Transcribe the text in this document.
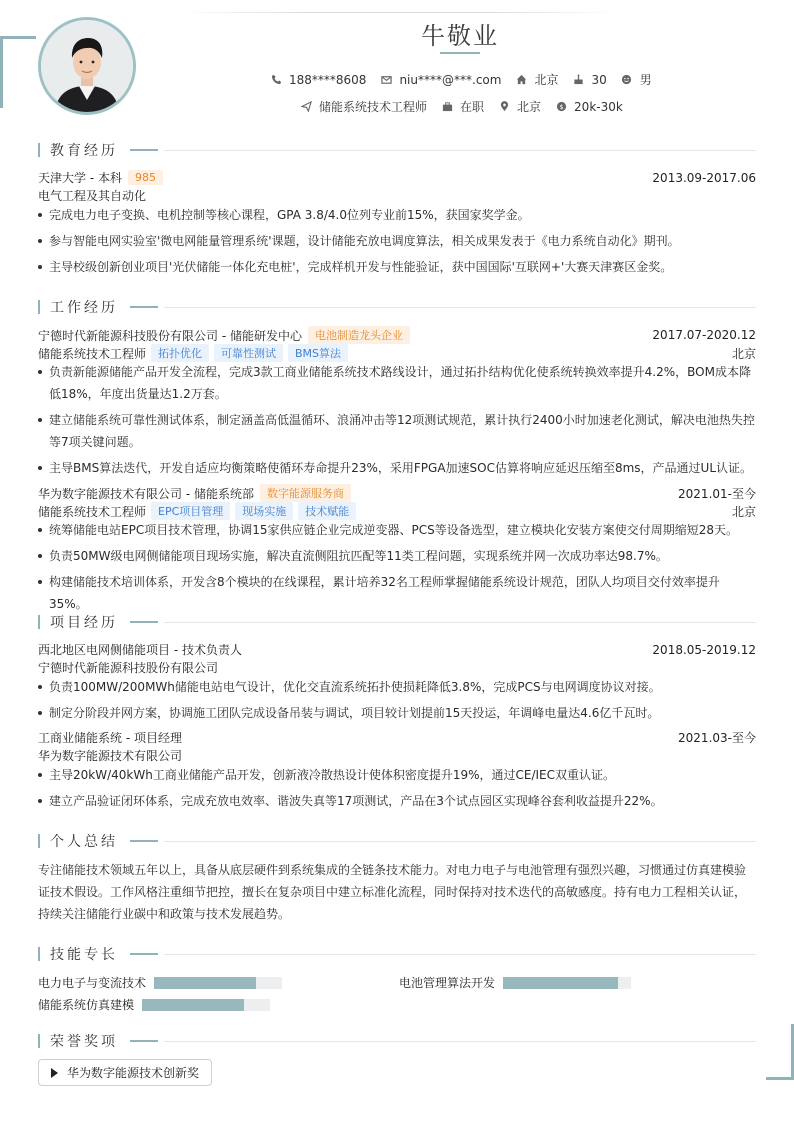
牛敬业
188****8608	niu****@***.com	北京	30	男
储能系统技术工程师	在职	北京	$ 20k-30k
教育经历
天津大学 - 本科	985	2013.09-2017.06
电气工程及其自动化
完成电力电子变换、电机控制等核心课程，GPA 3.8/4.0位列专业前15%，获国家奖学金。
参与智能电网实验室'微电网能量管理系统'课题，设计储能充放电调度算法，相关成果发表于《电力系统自动化》期刊。
主导校级创新创业项目'光伏储能一体化充电桩'，完成样机开发与性能验证，获中国国际'互联网+'大赛天津赛区金奖。
工作经历
宁德时代新能源科技股份有限公司 - 储能研发中心	电池制造龙头企业	2017.07-2020.12
储能系统技术工程师	拓扑优化	可靠性测试	BMS算法	北京
负责新能源储能产品开发全流程，完成3款工商业储能系统技术路线设计，通过拓扑结构优化使系统转换效率提升4.2%，BOM成本降低18%，年度出货量达1.2万套。
建立储能系统可靠性测试体系，制定涵盖高低温循环、浪涌冲击等12项测试规范，累计执行2400小时加速老化测试，解决电池热失控等7项关键问题。
主导BMS算法迭代，开发自适应均衡策略使循环寿命提升23%，采用FPGA加速SOC估算将响应延迟压缩至8ms，产品通过UL认证。
华为数字能源技术有限公司 - 储能系统部	数字能源服务商	2021.01-至今
储能系统技术工程师	EPC项目管理	现场实施	技术赋能	北京
统筹储能电站EPC项目技术管理，协调15家供应链企业完成逆变器、PCS等设备选型，建立模块化安装方案使交付周期缩短28天。
负责50MW级电网侧储能项目现场实施，解决直流侧阻抗匹配等11类工程问题，实现系统并网一次成功率达98.7%。
构建储能技术培训体系，开发含8个模块的在线课程，累计培养32名工程师掌握储能系统设计规范，团队人均项目交付效率提升35%。
项目经历
西北地区电网侧储能项目 - 技术负责人	2018.05-2019.12
宁德时代新能源科技股份有限公司
负责100MW/200MWh储能电站电气设计，优化交直流系统拓扑使损耗降低3.8%，完成PCS与电网调度协议对接。
制定分阶段并网方案，协调施工团队完成设备吊装与调试，项目较计划提前15天投运，年调峰电量达4.6亿千瓦时。
工商业储能系统 - 项目经理	2021.03-至今
华为数字能源技术有限公司
主导20kW/40kWh工商业储能产品开发，创新液冷散热设计使体积密度提升19%，通过CE/IEC双重认证。
建立产品验证闭环体系，完成充放电效率、谐波失真等17项测试，产品在3个试点园区实现峰谷套利收益提升22%。
个人总结
专注储能技术领域五年以上，具备从底层硬件到系统集成的全链条技术能力。对电力电子与电池管理有强烈兴趣，习惯通过仿真建模验证技术假设。工作风格注重细节把控，擅长在复杂项目中建立标准化流程，同时保持对技术迭代的高敏感度。持有电力工程相关认证，持续关注储能行业碳中和政策与技术发展趋势。
技能专长
电力电子与变流技术	电池管理算法开发
储能系统仿真建模
荣誉奖项
华为数字能源技术创新奖
